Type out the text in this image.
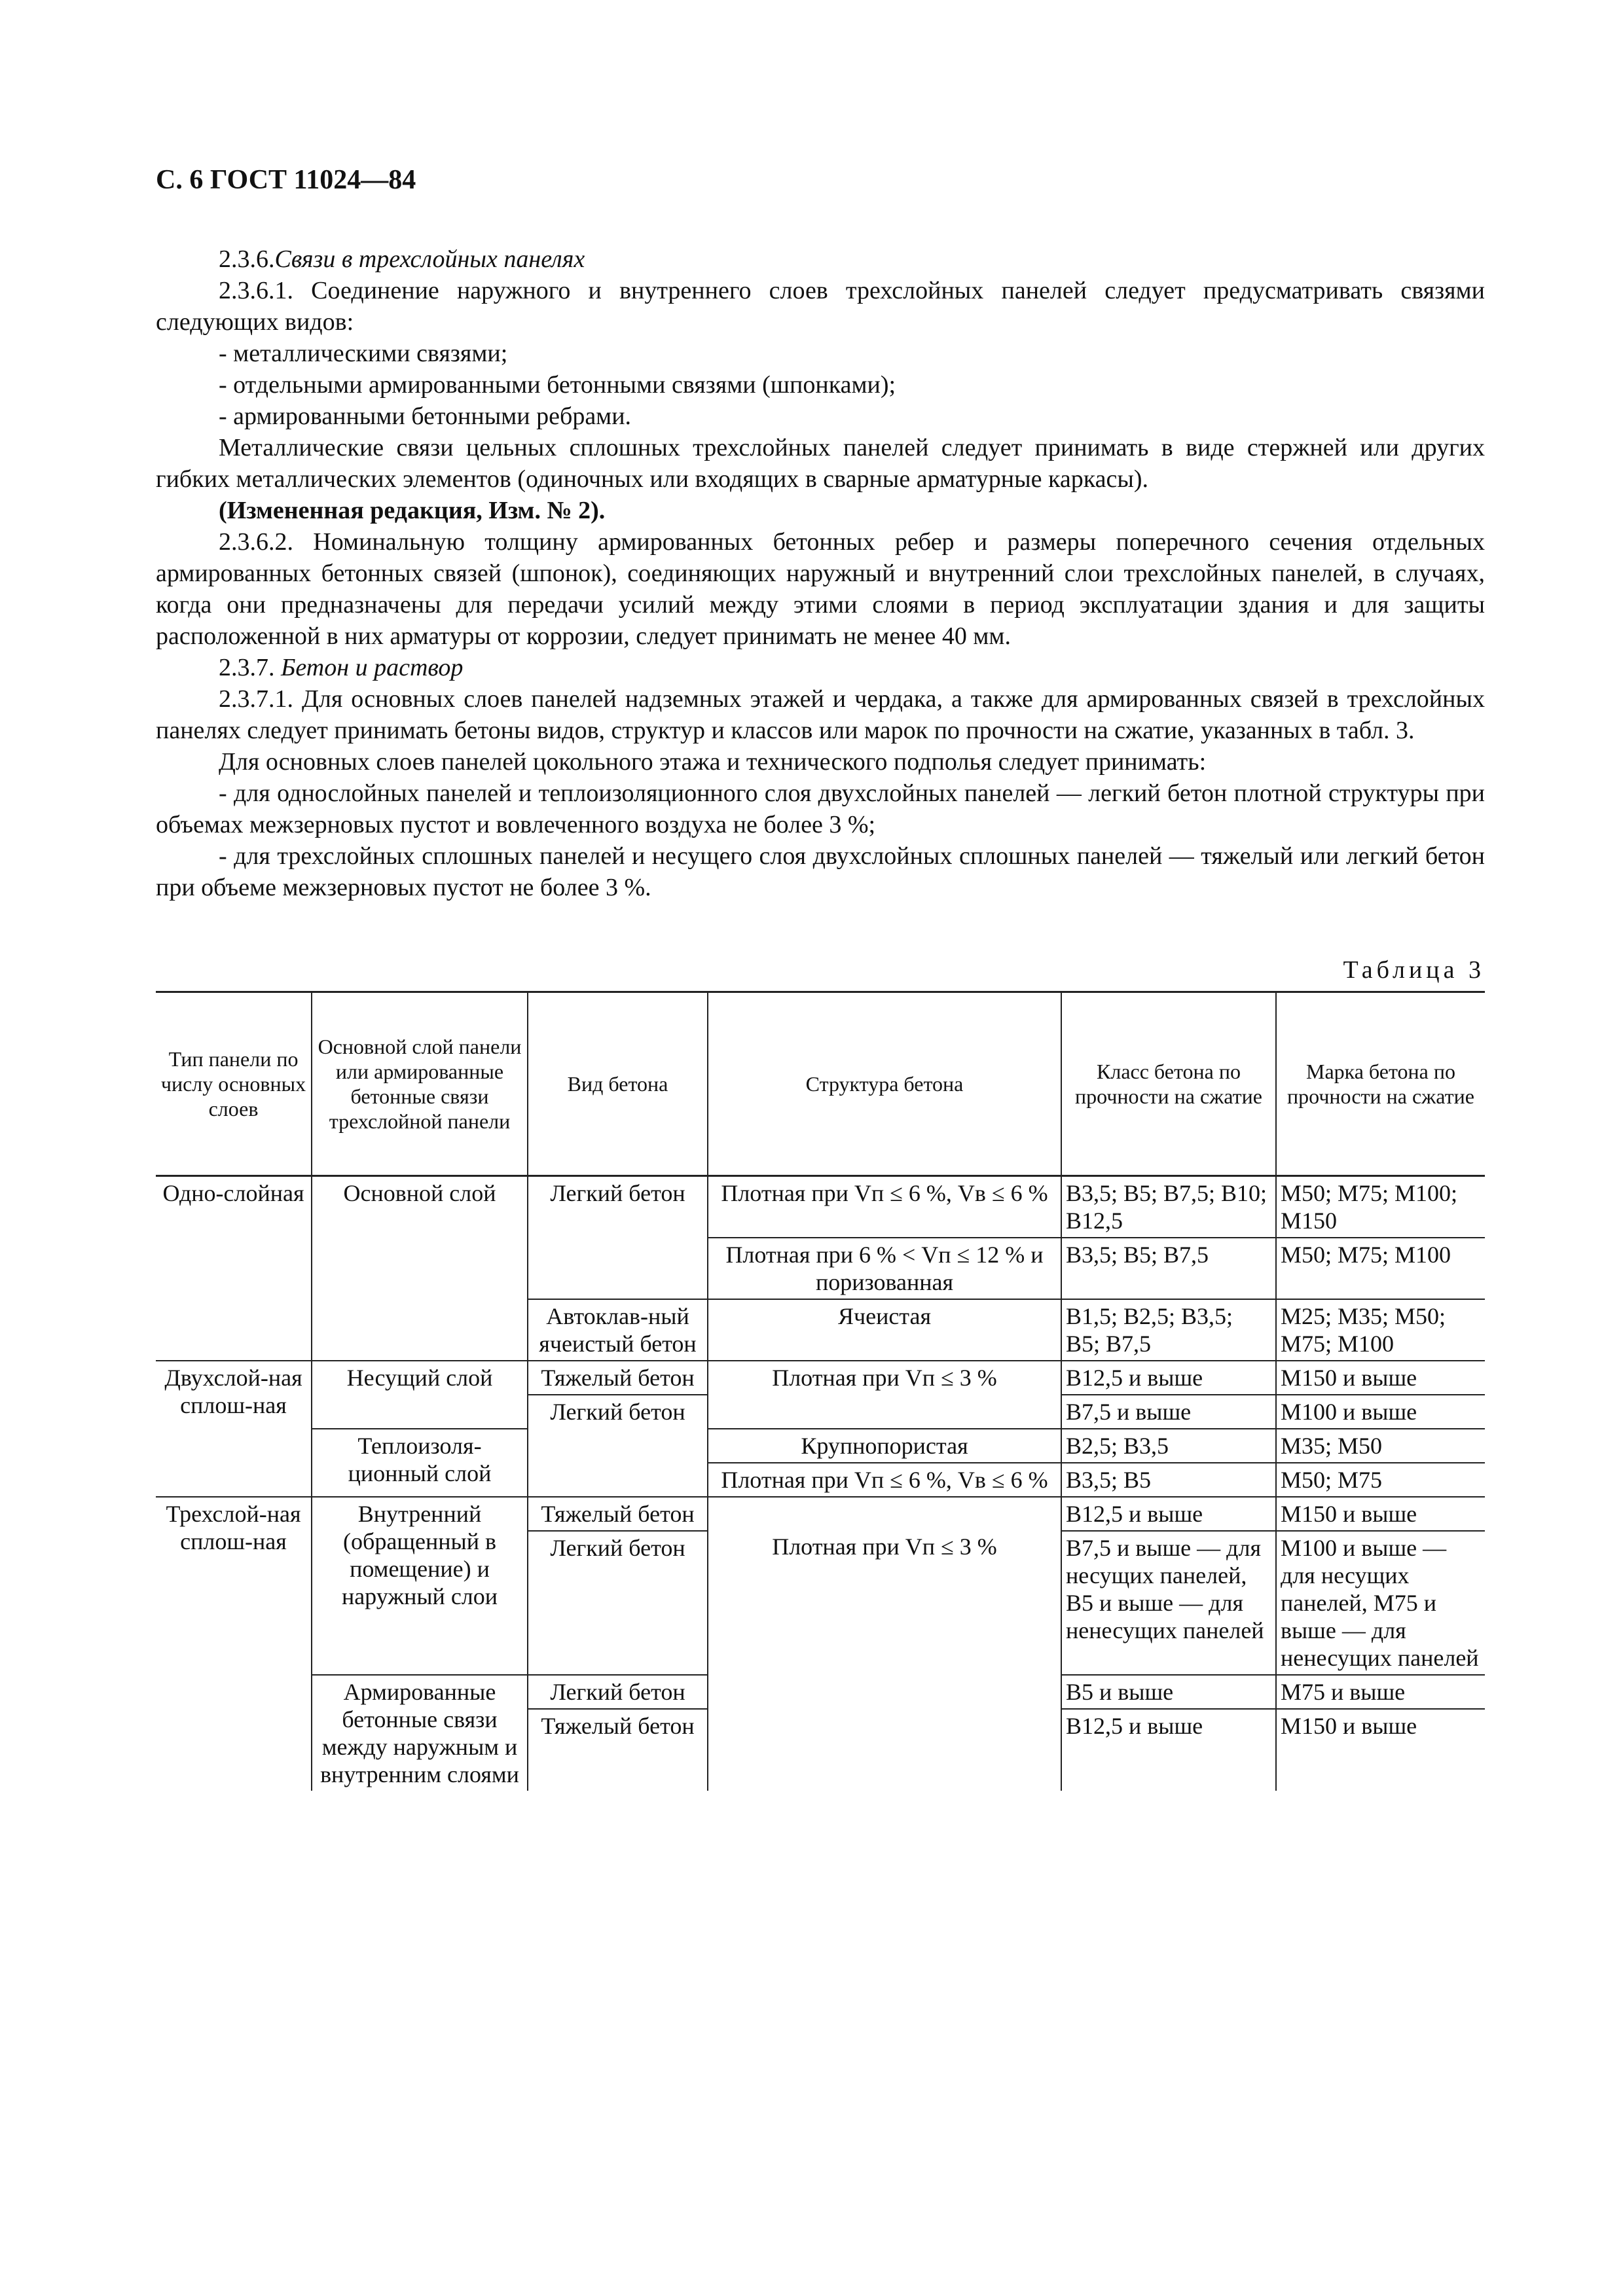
С. 6 ГОСТ 11024—84

2.3.6.Связи в трехслойных панелях

2.3.6.1. Соединение наружного и внутреннего слоев трехслойных панелей следует предусматривать связями следующих видов:

- металлическими связями;

- отдельными армированными бетонными связями (шпонками);

- армированными бетонными ребрами.

Металлические связи цельных сплошных трехслойных панелей следует принимать в виде стержней или других гибких металлических элементов (одиночных или входящих в сварные арматурные каркасы).

(Измененная редакция, Изм. № 2).

2.3.6.2. Номинальную толщину армированных бетонных ребер и размеры поперечного сечения отдельных армированных бетонных связей (шпонок), соединяющих наружный и внутренний слои трехслойных панелей, в случаях, когда они предназначены для передачи усилий между этими слоями в период эксплуатации здания и для защиты расположенной в них арматуры от коррозии, следует принимать не менее 40 мм.

2.3.7. Бетон и раствор

2.3.7.1. Для основных слоев панелей надземных этажей и чердака, а также для армированных связей в трехслойных панелях следует принимать бетоны видов, структур и классов или марок по прочности на сжатие, указанных в табл. 3.

Для основных слоев панелей цокольного этажа и технического подполья следует принимать:

- для однослойных панелей и теплоизоляционного слоя двухслойных панелей — легкий бетон плотной структуры при объемах межзерновых пустот и вовлеченного воздуха не более 3 %;

- для трехслойных сплошных панелей и несущего слоя двухслойных сплошных панелей — тяжелый или легкий бетон при объеме межзерновых пустот не более 3 %.

Таблица 3
Тип панели по числу основных слоев	Основной слой панели или армированные бетонные связи трехслойной панели	Вид бетона	Структура бетона	Класс бетона по прочности на сжатие	Марка бетона по прочности на сжатие
Одно-слойная	Основной слой	Легкий бетон	Плотная при Vп ≤ 6 %, Vв ≤ 6 %	В3,5; В5; В7,5; В10; В12,5	М50; М75; М100; М150
			Плотная при 6 % < Vп ≤ 12 % и поризованная	В3,5; В5; В7,5	М50; М75; М100
		Автоклав-ный ячеистый бетон	Ячеистая	В1,5; В2,5; В3,5; В5; В7,5	М25; М35; М50; М75; М100
Двухслой-ная сплош-ная	Несущий слой	Тяжелый бетон	Плотная при Vп ≤ 3 %	В12,5 и выше	М150 и выше
		Легкий бетон		В7,5 и выше	М100 и выше
	Теплоизоля-ционный слой		Крупнопористая	В2,5; В3,5	М35; М50
			Плотная при Vп ≤ 6 %, Vв ≤ 6 %	В3,5; В5	М50; М75

Трехслой-ная сплош-ная	Внутренний (обращенный в помещение) и наружный слои	Тяжелый бетон	Плотная при Vп ≤ 3 %	В12,5 и выше	М150 и выше
		Легкий бетон		В7,5 и выше — для несущих панелей, В5 и выше — для ненесущих панелей	М100 и выше — для несущих панелей, М75 и выше — для ненесущих панелей
	Армированные бетонные связи между наружным и внутренним слоями	Легкий бетон		В5 и выше	М75 и выше
		Тяжелый бетон		В12,5 и выше	М150 и выше
